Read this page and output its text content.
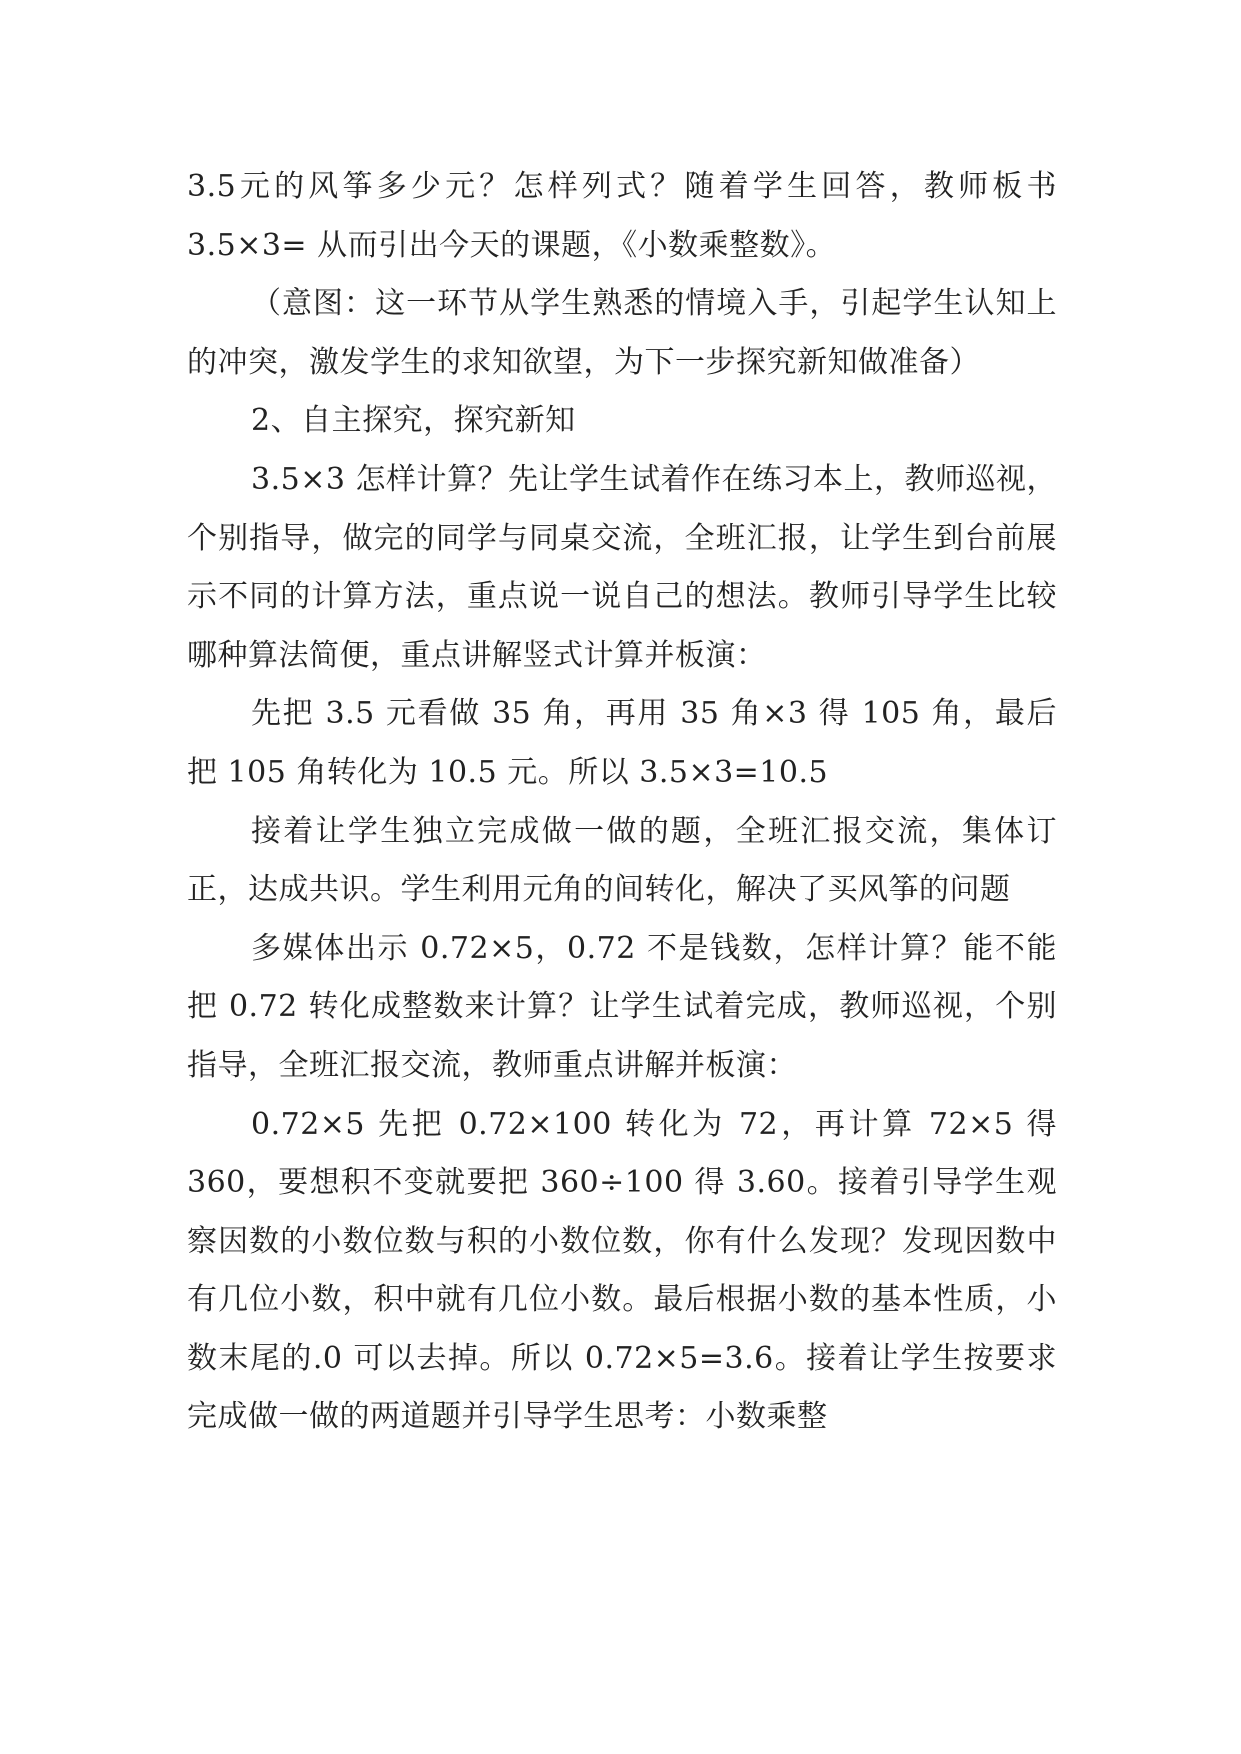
3.5元的风筝多少元？怎样列式？随着学生回答，教师板书3.5×3= 从而引出今天的课题，《小数乘整数》。

（意图：这一环节从学生熟悉的情境入手，引起学生认知上的冲突，激发学生的求知欲望，为下一步探究新知做准备）

2、自主探究，探究新知

3.5×3 怎样计算？先让学生试着作在练习本上，教师巡视，个别指导，做完的同学与同桌交流，全班汇报，让学生到台前展示不同的计算方法，重点说一说自己的想法。教师引导学生比较哪种算法简便，重点讲解竖式计算并板演：

先把 3.5 元看做 35 角，再用 35 角×3 得 105 角，最后把 105 角转化为 10.5 元。所以 3.5×3=10.5

接着让学生独立完成做一做的题，全班汇报交流，集体订正，达成共识。学生利用元角的间转化，解决了买风筝的问题

多媒体出示 0.72×5，0.72 不是钱数，怎样计算？能不能把 0.72 转化成整数来计算？让学生试着完成，教师巡视，个别指导，全班汇报交流，教师重点讲解并板演：

0.72×5 先把 0.72×100 转化为 72，再计算 72×5 得 360，要想积不变就要把 360÷100 得 3.60。接着引导学生观察因数的小数位数与积的小数位数，你有什么发现？发现因数中有几位小数，积中就有几位小数。最后根据小数的基本性质，小数末尾的.0 可以去掉。所以 0.72×5=3.6。接着让学生按要求完成做一做的两道题并引导学生思考：小数乘整
